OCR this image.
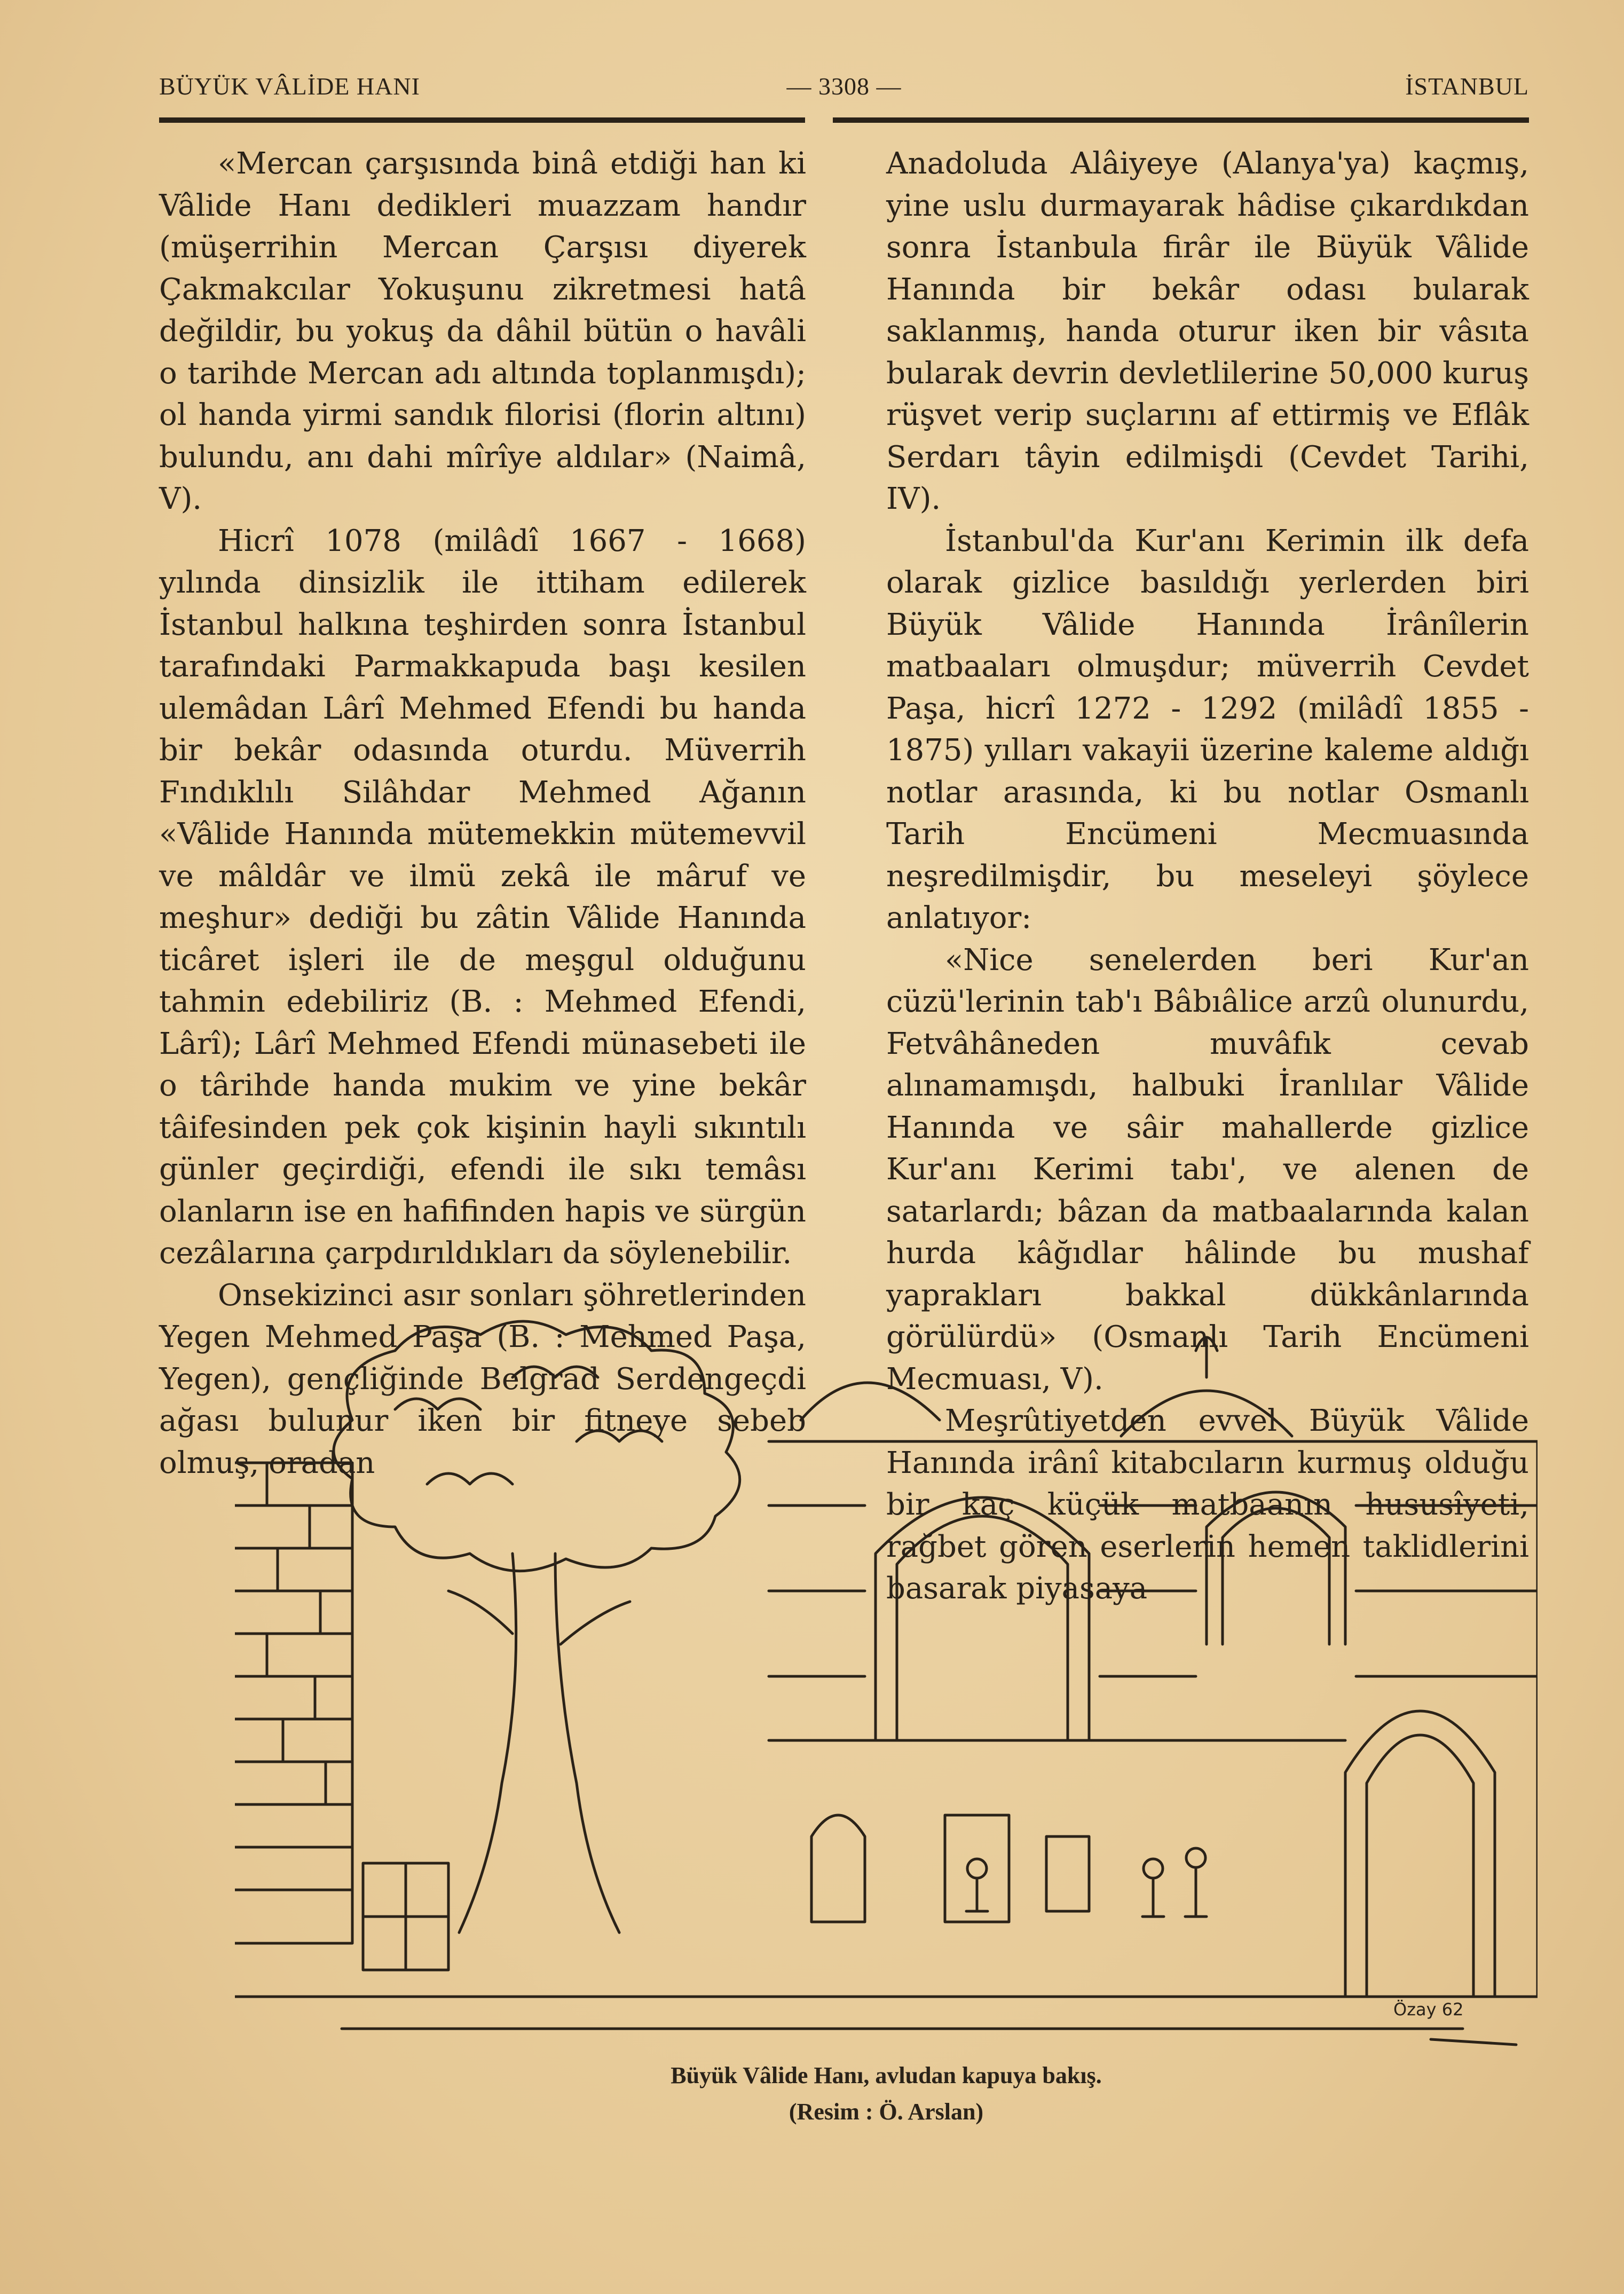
BÜYÜK VÂLİDE HANI	— 3308 —	İSTANBUL

«Mercan çarşısında binâ etdiği han ki Vâlide Hanı dedikleri muazzam handır (müşerrihin Mercan Çarşısı diyerek Çakmakcılar Yokuşunu zikretmesi hatâ değildir, bu yokuş da dâhil bütün o havâli o tarihde Mercan adı altında toplanmışdı); ol handa yirmi sandık filorisi (florin altını) bulundu, anı dahi mîrîye aldılar» (Naimâ, V).

Hicrî 1078 (milâdî 1667 - 1668) yılında dinsizlik ile ittiham edilerek İstanbul halkına teşhirden sonra İstanbul tarafındaki Parmakkapuda başı kesilen ulemâdan Lârî Mehmed Efendi bu handa bir bekâr odasında oturdu. Müverrih Fındıklılı Silâhdar Mehmed Ağanın «Vâlide Hanında mütemekkin mütemevvil ve mâldâr ve ilmü zekâ ile mâruf ve meşhur» dediği bu zâtin Vâlide Hanında ticâret işleri ile de meşgul olduğunu tahmin edebiliriz (B. : Mehmed Efendi, Lârî); Lârî Mehmed Efendi münasebeti ile o târihde handa mukim ve yine bekâr tâifesinden pek çok kişinin hayli sıkıntılı günler geçirdiği, efendi ile sıkı temâsı olanların ise en hafifinden hapis ve sürgün cezâlarına çarpdırıldıkları da söylenebilir.

Onsekizinci asır sonları şöhretlerinden Yegen Mehmed Paşa (B. : Mehmed Paşa, Yegen), gençliğinde Belgrad Serdengeçdi ağası bulunur iken bir fitneye sebeb olmuş, oradan

Anadoluda Alâiyeye (Alanya'ya) kaçmış, yine uslu durmayarak hâdise çıkardıkdan sonra İstanbula firâr ile Büyük Vâlide Hanında bir bekâr odası bularak saklanmış, handa oturur iken bir vâsıta bularak devrin devletlilerine 50,000 kuruş rüşvet verip suçlarını af ettirmiş ve Eflâk Serdarı tâyin edilmişdi (Cevdet Tarihi, IV).

İstanbul'da Kur'anı Kerimin ilk defa olarak gizlice basıldığı yerlerden biri Büyük Vâlide Hanında İrânîlerin matbaaları olmuşdur; müverrih Cevdet Paşa, hicrî 1272 - 1292 (milâdî 1855 - 1875) yılları vakayii üzerine kaleme aldığı notlar arasında, ki bu notlar Osmanlı Tarih Encümeni Mecmuasında neşredilmişdir, bu meseleyi şöylece anlatıyor:

«Nice senelerden beri Kur'an cüzü'lerinin tab'ı Bâbıâlice arzû olunurdu, Fetvâhâneden muvâfık cevab alınamamışdı, halbuki İranlılar Vâlide Hanında ve sâir mahallerde gizlice Kur'anı Kerimi tabı', ve alenen de satarlardı; bâzan da matbaalarında kalan hurda kâğıdlar hâlinde bu mushaf yaprakları bakkal dükkânlarında görülürdü» (Osmanlı Tarih Encümeni Mecmuası, V).

Meşrûtiyetden evvel Büyük Vâlide Hanında irânî kitabcıların kurmuş olduğu bir kaç küçük matbaanın hususîyeti, rağbet gören eserlerin hemen taklidlerini basarak piyasaya

Özay 62
Büyük Vâlide Hanı, avludan kapuya bakış.
(Resim : Ö. Arslan)
